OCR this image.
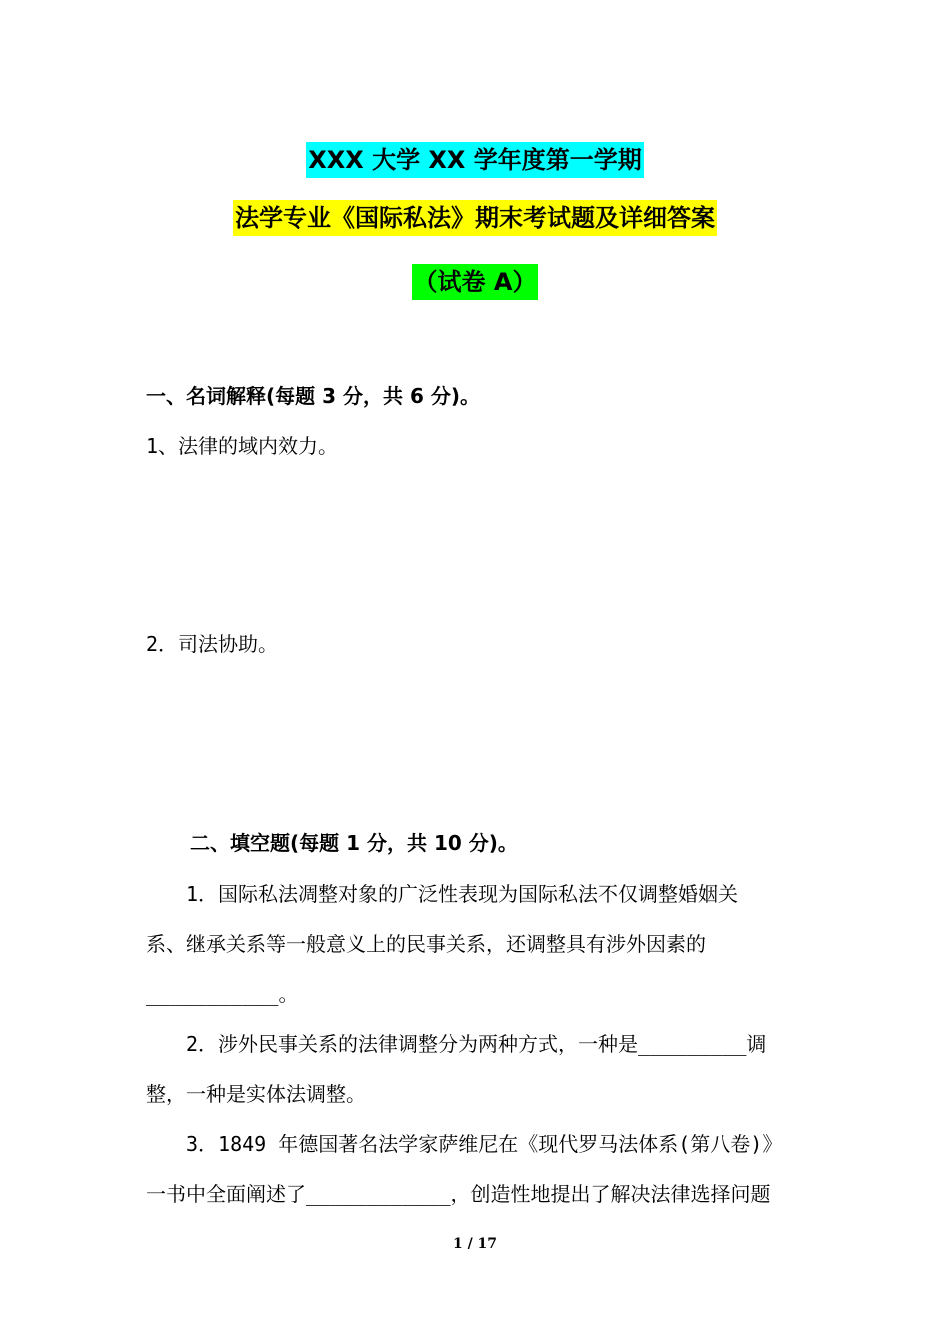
XXX 大学 XX 学年度第一学期
法学专业《国际私法》期末考试题及详细答案
（试卷 A）
一、名词解释(每题 3 分，共 6 分)。
1、法律的域内效力。
2．司法协助。
二、填空题(每题 1 分，共 10 分)。
1．国际私法凋整对象的广泛性表现为国际私法不仅调整婚姻关
系、继承关系等一般意义上的民事关系，还调整具有涉外因素的
___________。
2．涉外民事关系的法律调整分为两种方式，一种是_________调
整，一种是实体法调整。
3．1849 年德国著名法学家萨维尼在《现代罗马法体系(第八卷)》
一书中全面阐述了____________，创造性地提出了解决法律选择问题
1 / 17
